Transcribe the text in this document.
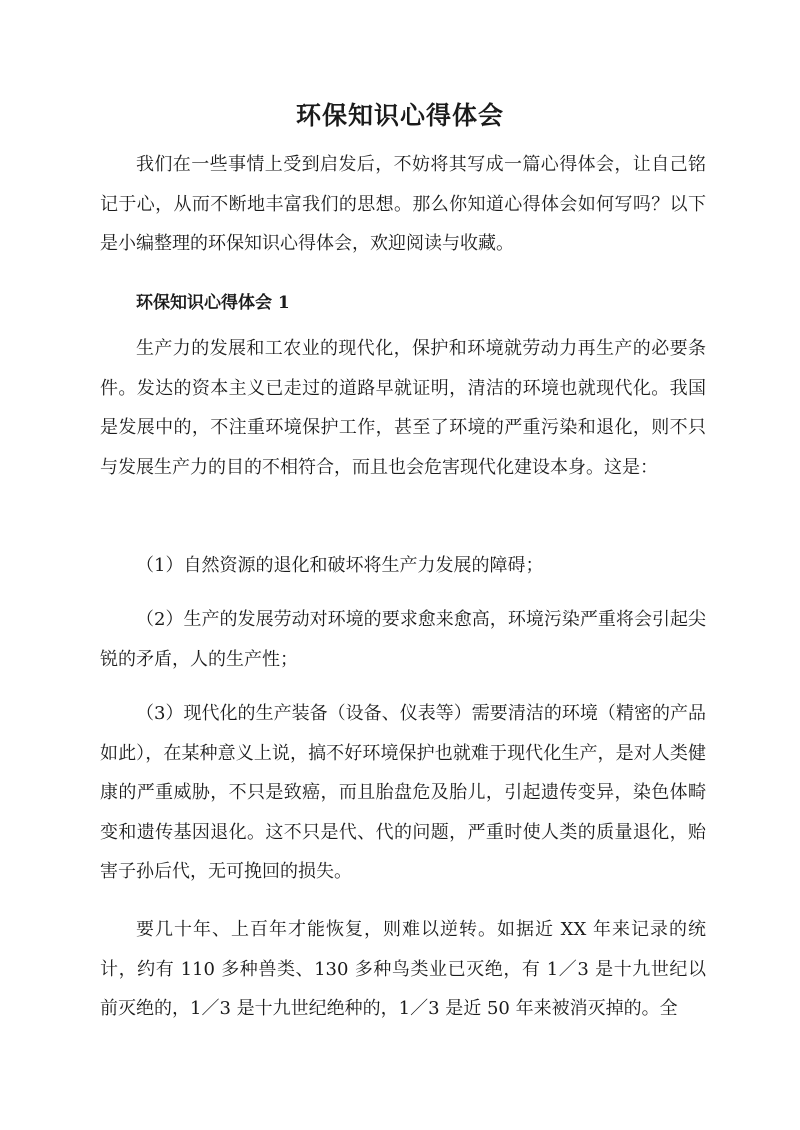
环保知识心得体会

我们在一些事情上受到启发后，不妨将其写成一篇心得体会，让自己铭记于心，从而不断地丰富我们的思想。那么你知道心得体会如何写吗？以下是小编整理的环保知识心得体会，欢迎阅读与收藏。

环保知识心得体会 1

生产力的发展和工农业的现代化，保护和环境就劳动力再生产的必要条件。发达的资本主义已走过的道路早就证明，清洁的环境也就现代化。我国是发展中的，不注重环境保护工作，甚至了环境的严重污染和退化，则不只与发展生产力的目的不相符合，而且也会危害现代化建设本身。这是：

（1）自然资源的退化和破坏将生产力发展的障碍；

（2）生产的发展劳动对环境的要求愈来愈高，环境污染严重将会引起尖锐的矛盾，人的生产性；

（3）现代化的生产装备（设备、仪表等）需要清洁的环境（精密的产品如此），在某种意义上说，搞不好环境保护也就难于现代化生产，是对人类健康的严重威胁，不只是致癌，而且胎盘危及胎儿，引起遗传变异，染色体畸变和遗传基因退化。这不只是代、代的问题，严重时使人类的质量退化，贻害子孙后代，无可挽回的损失。

要几十年、上百年才能恢复，则难以逆转。如据近 XX 年来记录的统计，约有 110 多种兽类、130 多种鸟类业已灭绝，有 1／3 是十九世纪以前灭绝的，1／3 是十九世纪绝种的，1／3 是近 50 年来被消灭掉的。全
